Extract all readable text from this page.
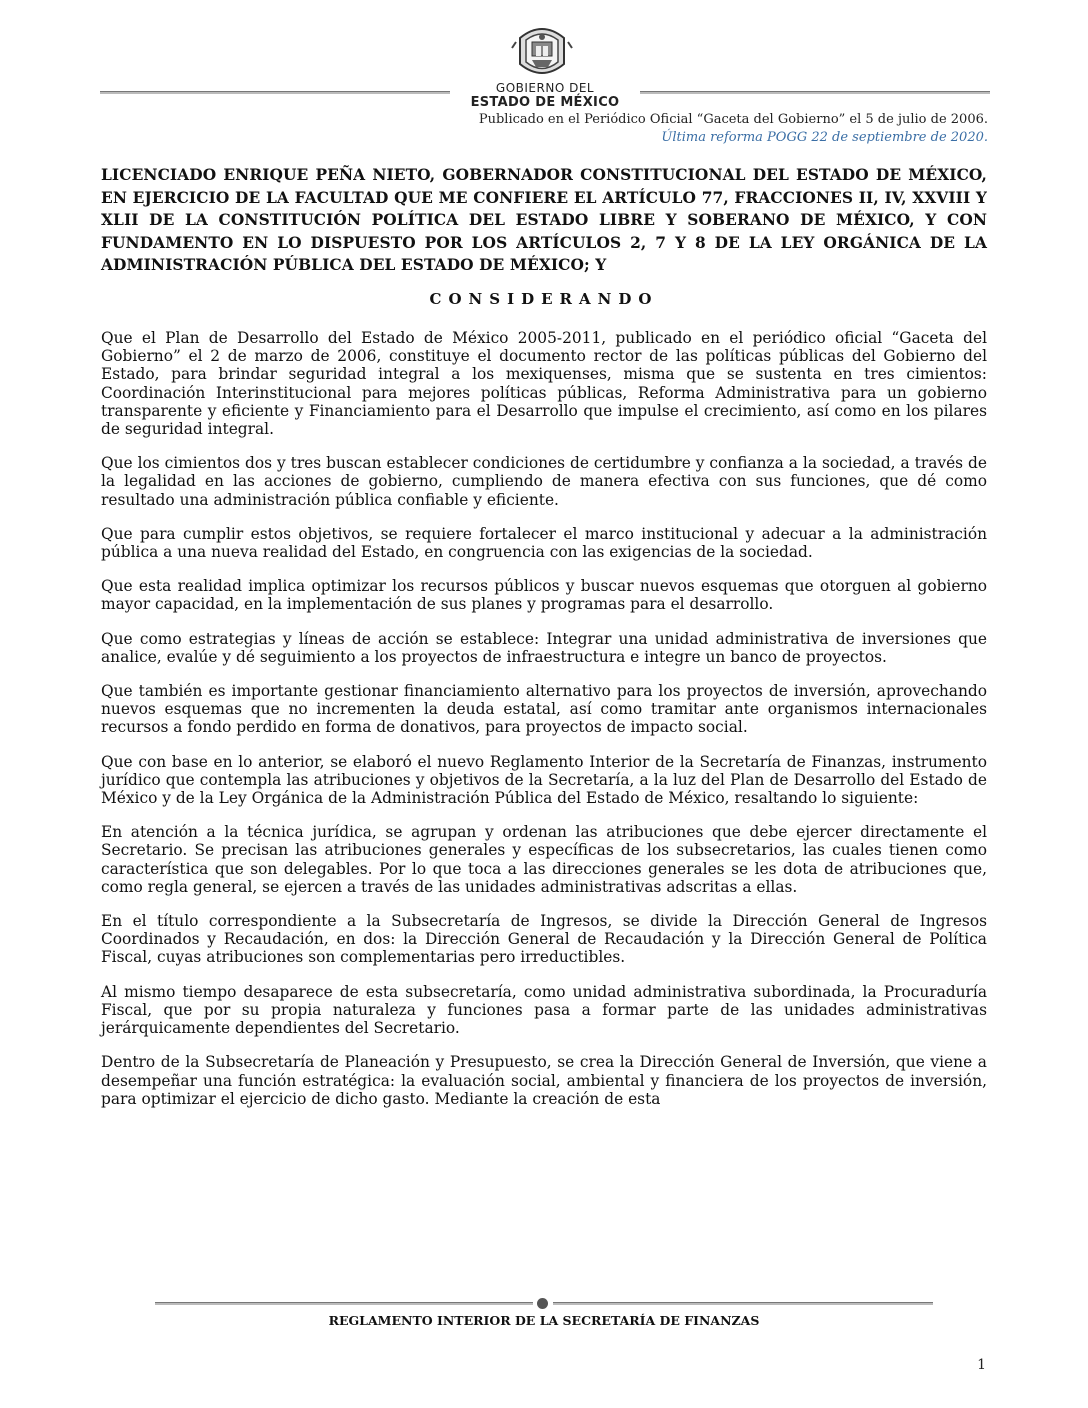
GOBIERNO DEL
ESTADO DE MÉXICO
Publicado en el Periódico Oficial “Gaceta del Gobierno” el 5 de julio de 2006.
Última reforma POGG 22 de septiembre de 2020.
LICENCIADO ENRIQUE PEÑA NIETO, GOBERNADOR CONSTITUCIONAL DEL ESTADO DE MÉXICO, EN EJERCICIO DE LA FACULTAD QUE ME CONFIERE EL ARTÍCULO 77, FRACCIONES II, IV, XXVIII Y XLII DE LA CONSTITUCIÓN POLÍTICA DEL ESTADO LIBRE Y SOBERANO DE MÉXICO, Y CON FUNDAMENTO EN LO DISPUESTO POR LOS ARTÍCULOS 2, 7 Y 8 DE LA LEY ORGÁNICA DE LA ADMINISTRACIÓN PÚBLICA DEL ESTADO DE MÉXICO; Y
CONSIDERANDO

Que el Plan de Desarrollo del Estado de México 2005-2011, publicado en el periódico oficial “Gaceta del Gobierno” el 2 de marzo de 2006, constituye el documento rector de las políticas públicas del Gobierno del Estado, para brindar seguridad integral a los mexiquenses, misma que se sustenta en tres cimientos: Coordinación Interinstitucional para mejores políticas públicas, Reforma Administrativa para un gobierno transparente y eficiente y Financiamiento para el Desarrollo que impulse el crecimiento, así como en los pilares de seguridad integral.

Que los cimientos dos y tres buscan establecer condiciones de certidumbre y confianza a la sociedad, a través de la legalidad en las acciones de gobierno, cumpliendo de manera efectiva con sus funciones, que dé como resultado una administración pública confiable y eficiente.

Que para cumplir estos objetivos, se requiere fortalecer el marco institucional y adecuar a la administración pública a una nueva realidad del Estado, en congruencia con las exigencias de la sociedad.

Que esta realidad implica optimizar los recursos públicos y buscar nuevos esquemas que otorguen al gobierno mayor capacidad, en la implementación de sus planes y programas para el desarrollo.

Que como estrategias y líneas de acción se establece: Integrar una unidad administrativa de inversiones que analice, evalúe y dé seguimiento a los proyectos de infraestructura e integre un banco de proyectos.

Que también es importante gestionar financiamiento alternativo para los proyectos de inversión, aprovechando nuevos esquemas que no incrementen la deuda estatal, así como tramitar ante organismos internacionales recursos a fondo perdido en forma de donativos, para proyectos de impacto social.

Que con base en lo anterior, se elaboró el nuevo Reglamento Interior de la Secretaría de Finanzas, instrumento jurídico que contempla las atribuciones y objetivos de la Secretaría, a la luz del Plan de Desarrollo del Estado de México y de la Ley Orgánica de la Administración Pública del Estado de México, resaltando lo siguiente:

En atención a la técnica jurídica, se agrupan y ordenan las atribuciones que debe ejercer directamente el Secretario. Se precisan las atribuciones generales y específicas de los subsecretarios, las cuales tienen como característica que son delegables. Por lo que toca a las direcciones generales se les dota de atribuciones que, como regla general, se ejercen a través de las unidades administrativas adscritas a ellas.

En el título correspondiente a la Subsecretaría de Ingresos, se divide la Dirección General de Ingresos Coordinados y Recaudación, en dos: la Dirección General de Recaudación y la Dirección General de Política Fiscal, cuyas atribuciones son complementarias pero irreductibles.

Al mismo tiempo desaparece de esta subsecretaría, como unidad administrativa subordinada, la Procuraduría Fiscal, que por su propia naturaleza y funciones pasa a formar parte de las unidades administrativas jerárquicamente dependientes del Secretario.

Dentro de la Subsecretaría de Planeación y Presupuesto, se crea la Dirección General de Inversión, que viene a desempeñar una función estratégica: la evaluación social, ambiental y financiera de los proyectos de inversión, para optimizar el ejercicio de dicho gasto. Mediante la creación de esta

REGLAMENTO INTERIOR DE LA SECRETARÍA DE FINANZAS
1
